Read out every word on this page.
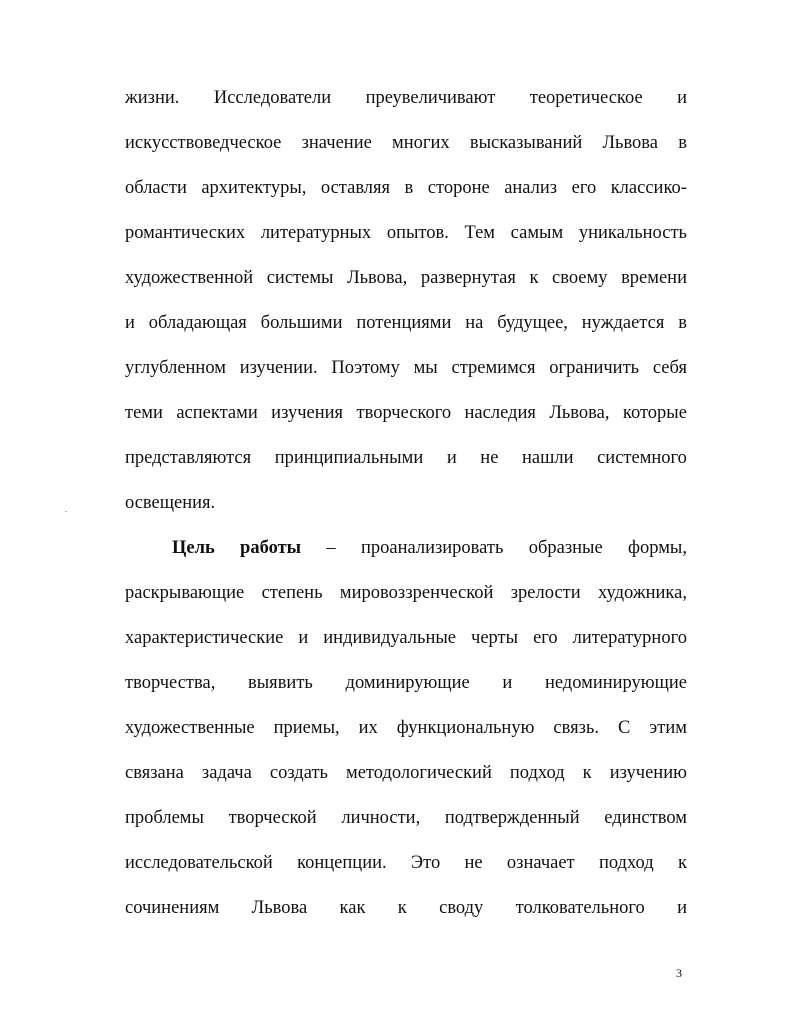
жизни. Исследователи преувеличивают теоретическое и
искусствоведческое значение многих высказываний Львова в
области архитектуры, оставляя в стороне анализ его классико-
романтических литературных опытов. Тем самым уникальность
художественной системы Львова, развернутая к своему времени
и обладающая большими потенциями на будущее, нуждается в
углубленном изучении. Поэтому мы стремимся ограничить себя
теми аспектами изучения творческого наследия Львова, которые
представляются принципиальными и не нашли системного
освещения.
Цель работы – проанализировать образные формы,
раскрывающие степень мировоззренческой зрелости художника,
характеристические и индивидуальные черты его литературного
творчества, выявить доминирующие и недоминирующие
художественные приемы, их функциональную связь. С этим
связана задача создать методологический подход к изучению
проблемы творческой личности, подтвержденный единством
исследовательской концепции. Это не означает подход к
сочинениям Львова как к своду толковательного и
3
